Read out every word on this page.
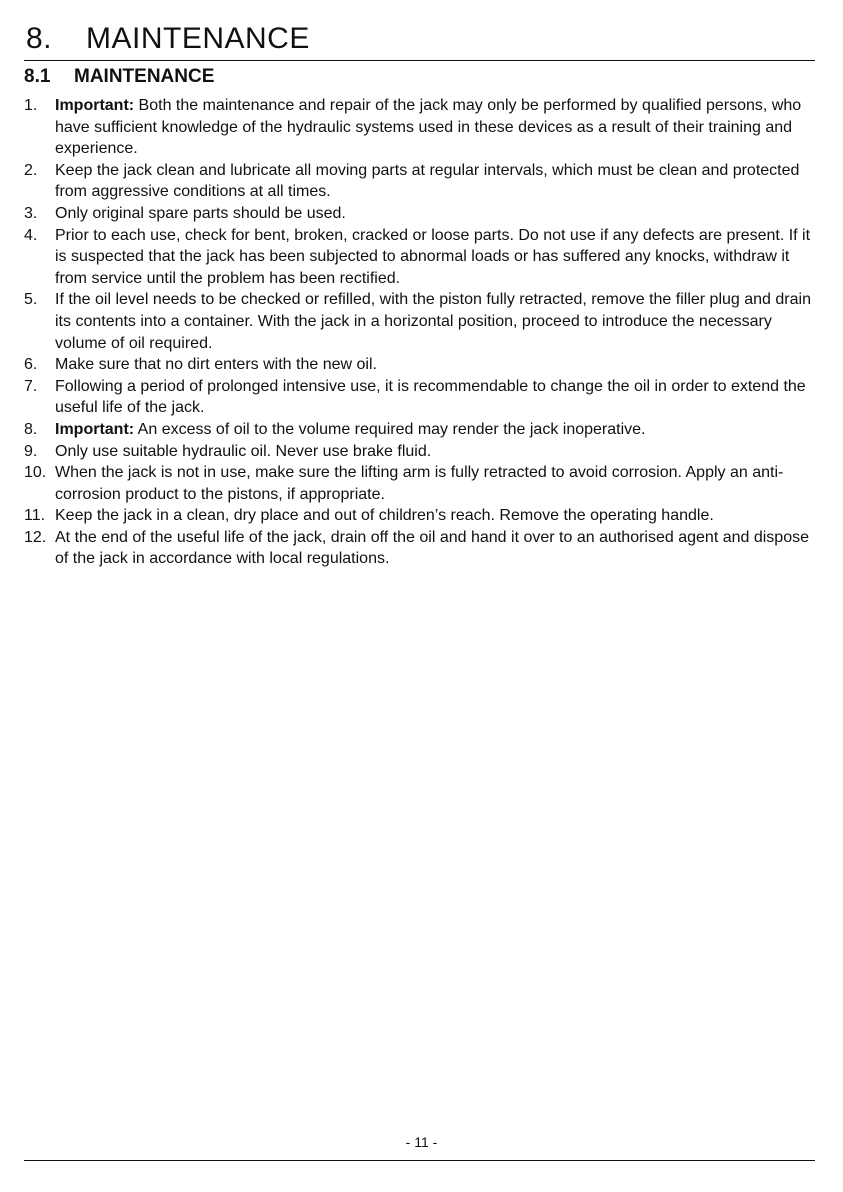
8. MAINTENANCE
8.1 MAINTENANCE
1. Important: Both the maintenance and repair of the jack may only be performed by qualified persons, who have sufficient knowledge of the hydraulic systems used in these devices as a result of their training and experience.
2. Keep the jack clean and lubricate all moving parts at regular intervals, which must be clean and protected from aggressive conditions at all times.
3. Only original spare parts should be used.
4. Prior to each use, check for bent, broken, cracked or loose parts. Do not use if any defects are present. If it is suspected that the jack has been subjected to abnormal loads or has suffered any knocks, withdraw it from service until the problem has been rectified.
5. If the oil level needs to be checked or refilled, with the piston fully retracted, remove the filler plug and drain its contents into a container. With the jack in a horizontal position, proceed to introduce the necessary volume of oil required.
6. Make sure that no dirt enters with the new oil.
7. Following a period of prolonged intensive use, it is recommendable to change the oil in order to extend the useful life of the jack.
8. Important: An excess of oil to the volume required may render the jack inoperative.
9. Only use suitable hydraulic oil. Never use brake fluid.
10. When the jack is not in use, make sure the lifting arm is fully retracted to avoid corrosion. Apply an anti-corrosion product to the pistons, if appropriate.
11. Keep the jack in a clean, dry place and out of children’s reach. Remove the operating handle.
12. At the end of the useful life of the jack, drain off the oil and hand it over to an authorised agent and dispose of the jack in accordance with local regulations.
- 11 -
